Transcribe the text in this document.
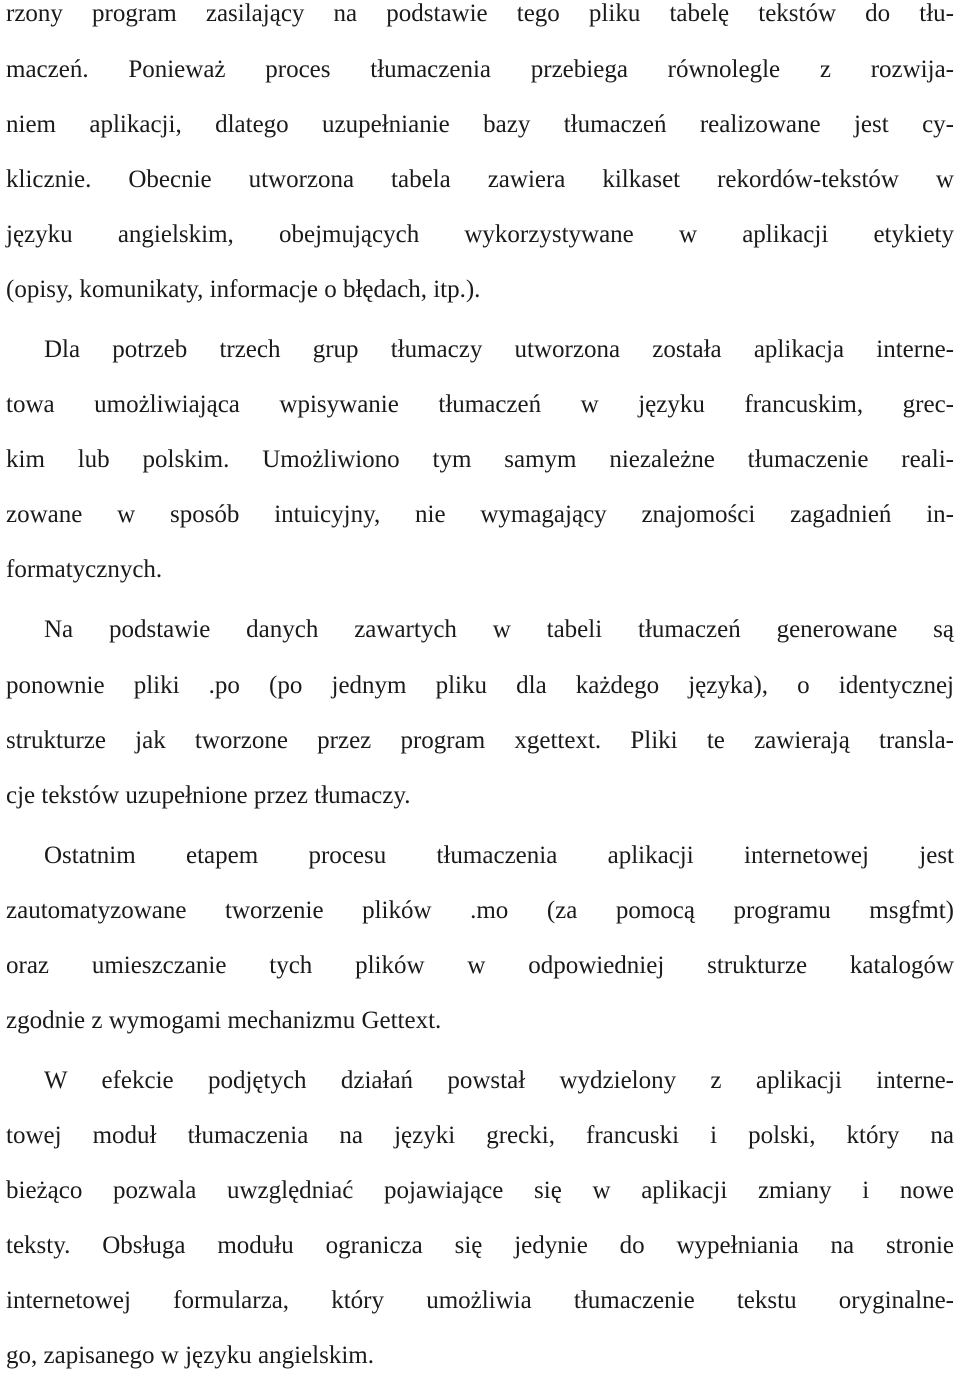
rzony program zasilający na podstawie tego pliku tabelę tekstów do tłu-
maczeń. Ponieważ proces tłumaczenia przebiega równolegle z rozwija-
niem aplikacji, dlatego uzupełnianie bazy tłumaczeń realizowane jest cy-
klicznie. Obecnie utworzona tabela zawiera kilkaset rekordów-tekstów w
języku angielskim, obejmujących wykorzystywane w aplikacji etykiety
(opisy, komunikaty, informacje o błędach, itp.).
Dla potrzeb trzech grup tłumaczy utworzona została aplikacja interne-
towa umożliwiająca wpisywanie tłumaczeń w języku francuskim, grec-
kim lub polskim. Umożliwiono tym samym niezależne tłumaczenie reali-
zowane w sposób intuicyjny, nie wymagający znajomości zagadnień in-
formatycznych.
Na podstawie danych zawartych w tabeli tłumaczeń generowane są
ponownie pliki .po (po jednym pliku dla każdego języka), o identycznej
strukturze jak tworzone przez program xgettext. Pliki te zawierają transla-
cje tekstów uzupełnione przez tłumaczy.
Ostatnim etapem procesu tłumaczenia aplikacji internetowej jest
zautomatyzowane tworzenie plików .mo (za pomocą programu msgfmt)
oraz umieszczanie tych plików w odpowiedniej strukturze katalogów
zgodnie z wymogami mechanizmu Gettext.
W efekcie podjętych działań powstał wydzielony z aplikacji interne-
towej moduł tłumaczenia na języki grecki, francuski i polski, który na
bieżąco pozwala uwzględniać pojawiające się w aplikacji zmiany i nowe
teksty. Obsługa modułu ogranicza się jedynie do wypełniania na stronie
internetowej formularza, który umożliwia tłumaczenie tekstu oryginalne-
go, zapisanego w języku angielskim.
